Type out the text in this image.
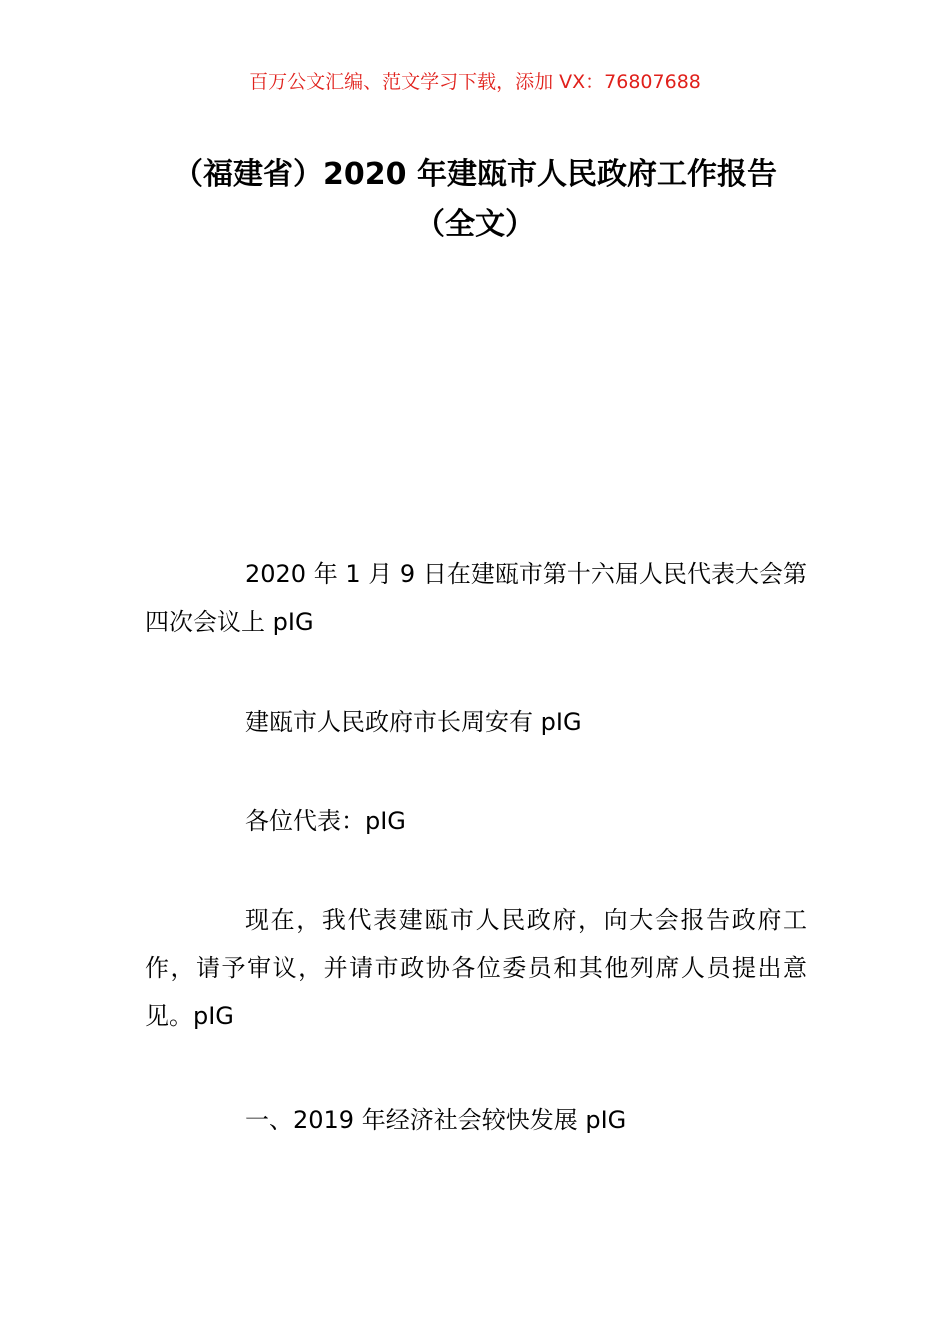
百万公文汇编、范文学习下载，添加 VX：76807688
（福建省）2020 年建瓯市人民政府工作报告（全文）

2020 年 1 月 9 日在建瓯市第十六届人民代表大会第四次会议上 pIG

建瓯市人民政府市长周安有 pIG

各位代表：pIG

现在，我代表建瓯市人民政府，向大会报告政府工作，请予审议，并请市政协各位委员和其他列席人员提出意见。pIG

一、2019 年经济社会较快发展 pIG
